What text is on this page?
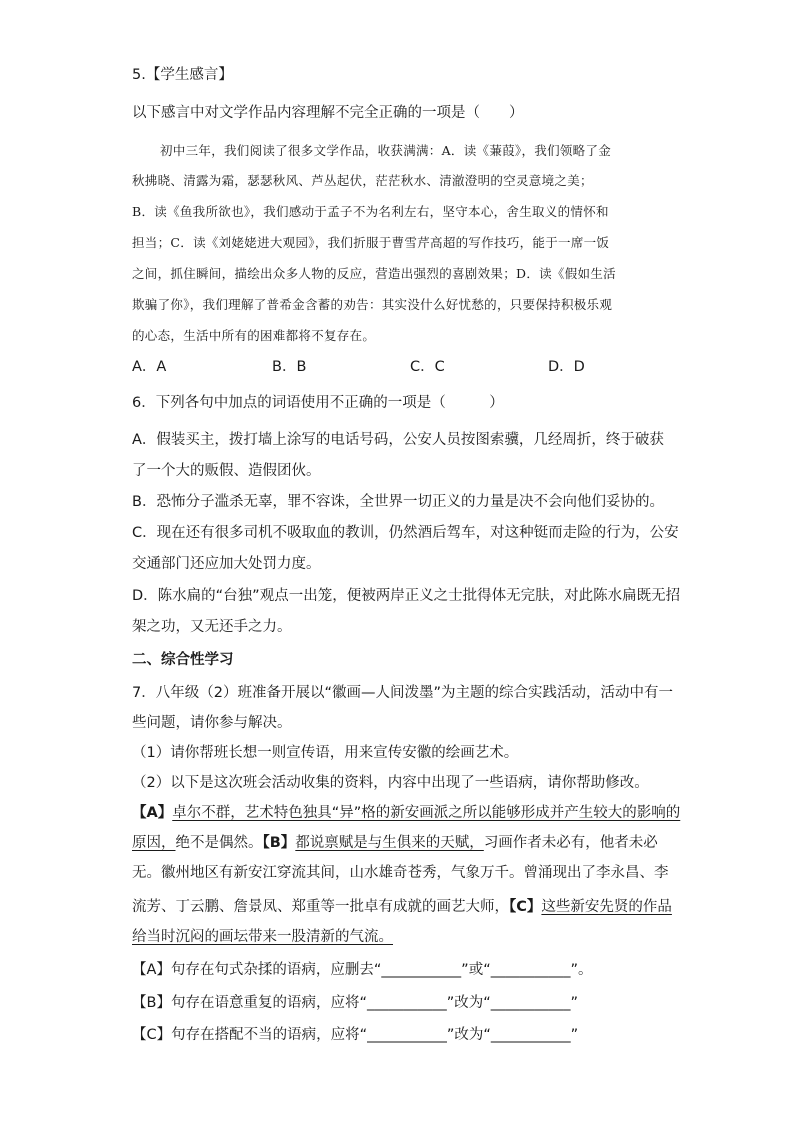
5.【学生感言】
以下感言中对文学作品内容理解不完全正确的一项是（　　）
初中三年，我们阅读了很多文学作品，收获满满：A．读《蒹葭》，我们领略了金
秋拂晓、清露为霜，瑟瑟秋风、芦丛起伏，茫茫秋水、清澈澄明的空灵意境之美；
B．读《鱼我所欲也》，我们感动于孟子不为名利左右，坚守本心，舍生取义的情怀和
担当；C．读《刘姥姥进大观园》，我们折服于曹雪芹高超的写作技巧，能于一席一饭
之间，抓住瞬间，描绘出众多人物的反应，营造出强烈的喜剧效果；D．读《假如生活
欺骗了你》，我们理解了普希金含蓄的劝告：其实没什么好忧愁的，只要保持积极乐观
的心态，生活中所有的困难都将不复存在。
A．A	B．B	C．C	D．D
6．下列各句中加点的词语使用不正确的一项是（　　　）
A．假装买主，拨打墙上涂写的电话号码，公安人员按图索骥，几经周折，终于破获
了一个大的贩假、造假团伙。
B．恐怖分子滥杀无辜，罪不容诛，全世界一切正义的力量是决不会向他们妥协的。
C．现在还有很多司机不吸取血的教训，仍然酒后驾车，对这种铤而走险的行为，公安
交通部门还应加大处罚力度。
D．陈水扁的“台独”观点一出笼，便被两岸正义之士批得体无完肤，对此陈水扁既无招
架之功，又无还手之力。
二、综合性学习
7．八年级（2）班准备开展以“徽画—人间泼墨”为主题的综合实践活动，活动中有一
些问题，请你参与解决。
（1）请你帮班长想一则宣传语，用来宣传安徽的绘画艺术。
（2）以下是这次班会活动收集的资料，内容中出现了一些语病，请你帮助修改。
【A】卓尔不群，艺术特色独具“异”格的新安画派之所以能够形成并产生较大的影响的
原因，绝不是偶然。【B】都说禀赋是与生俱来的天赋，习画作者未必有，他者未必
无。徽州地区有新安江穿流其间，山水雄奇苍秀，气象万千。曾涌现出了李永昌、李
流芳、丁云鹏、詹景凤、郑重等一批卓有成就的画艺大师，【C】这些新安先贤的作品
给当时沉闷的画坛带来一股清新的气流。
【A】句存在句式杂揉的语病，应删去“___________”或“___________”。
【B】句存在语意重复的语病，应将“___________”改为“___________”
【C】句存在搭配不当的语病，应将“___________”改为“___________”
